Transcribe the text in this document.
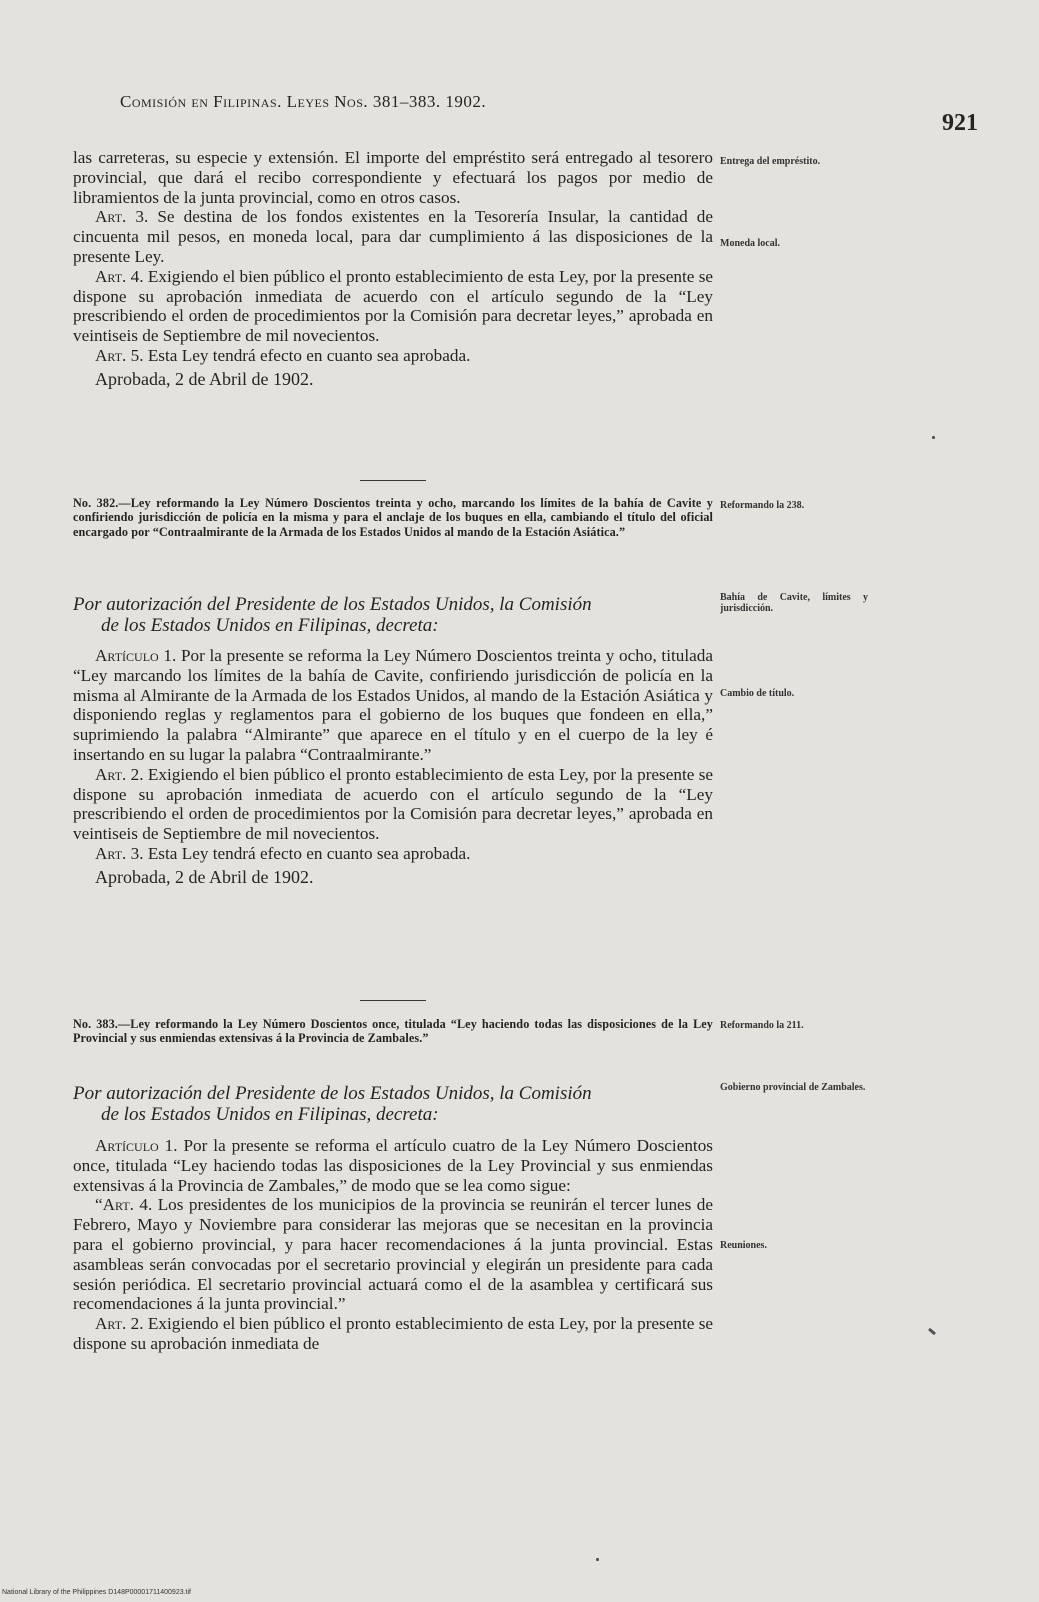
Comisión en Filipinas. Leyes Nos. 381–383. 1902.
921

las carreteras, su especie y extensión. El importe del empréstito será entregado al tesorero provincial, que dará el recibo correspondiente y efectuará los pagos por medio de libramientos de la junta provincial, como en otros casos.

Art. 3. Se destina de los fondos existentes en la Tesorería Insular, la cantidad de cincuenta mil pesos, en moneda local, para dar cumplimiento á las disposiciones de la presente Ley.

Art. 4. Exigiendo el bien público el pronto establecimiento de esta Ley, por la presente se dispone su aprobación inmediata de acuerdo con el artículo segundo de la “Ley prescribiendo el orden de procedimientos por la Comisión para decretar leyes,” aprobada en veintiseis de Septiembre de mil novecientos.

Art. 5. Esta Ley tendrá efecto en cuanto sea aprobada.

Aprobada, 2 de Abril de 1902.

No. 382.—Ley reformando la Ley Número Doscientos treinta y ocho, marcando los límites de la bahía de Cavite y confiriendo jurisdicción de policía en la misma y para el anclaje de los buques en ella, cambiando el título del oficial encargado por “Contraalmirante de la Armada de los Estados Unidos al mando de la Estación Asiática.”
Por autorización del Presidente de los Estados Unidos, la Comisión
de los Estados Unidos en Filipinas, decreta:

Artículo 1. Por la presente se reforma la Ley Número Doscientos treinta y ocho, titulada “Ley marcando los límites de la bahía de Cavite, confiriendo jurisdicción de policía en la misma al Almirante de la Armada de los Estados Unidos, al mando de la Estación Asiática y disponiendo reglas y reglamentos para el gobierno de los buques que fondeen en ella,” suprimiendo la palabra “Almirante” que aparece en el título y en el cuerpo de la ley é insertando en su lugar la palabra “Contraalmirante.”

Art. 2. Exigiendo el bien público el pronto establecimiento de esta Ley, por la presente se dispone su aprobación inmediata de acuerdo con el artículo segundo de la “Ley prescribiendo el orden de procedimientos por la Comisión para decretar leyes,” aprobada en veintiseis de Septiembre de mil novecientos.

Art. 3. Esta Ley tendrá efecto en cuanto sea aprobada.

Aprobada, 2 de Abril de 1902.

No. 383.—Ley reformando la Ley Número Doscientos once, titulada “Ley haciendo todas las disposiciones de la Ley Provincial y sus enmiendas extensivas á la Provincia de Zambales.”
Por autorización del Presidente de los Estados Unidos, la Comisión
de los Estados Unidos en Filipinas, decreta:

Artículo 1. Por la presente se reforma el artículo cuatro de la Ley Número Doscientos once, titulada “Ley haciendo todas las disposiciones de la Ley Provincial y sus enmiendas extensivas á la Provincia de Zambales,” de modo que se lea como sigue:

“Art. 4. Los presidentes de los municipios de la provincia se reunirán el tercer lunes de Febrero, Mayo y Noviembre para considerar las mejoras que se necesitan en la provincia para el gobierno provincial, y para hacer recomendaciones á la junta provincial. Estas asambleas serán convocadas por el secretario provincial y elegirán un presidente para cada sesión periódica. El secretario provincial actuará como el de la asamblea y certificará sus recomendaciones á la junta provincial.”

Art. 2. Exigiendo el bien público el pronto establecimiento de esta Ley, por la presente se dispone su aprobación inmediata de

Entrega del empréstito.
Moneda local.
Reformando la 238.
Bahía de Cavite, límites y jurisdicción.
Cambio de título.
Reformando la 211.
Gobierno provincial de Zambales.
Reuniones.
National Library of the Philippines D148P00001711400923.tif
